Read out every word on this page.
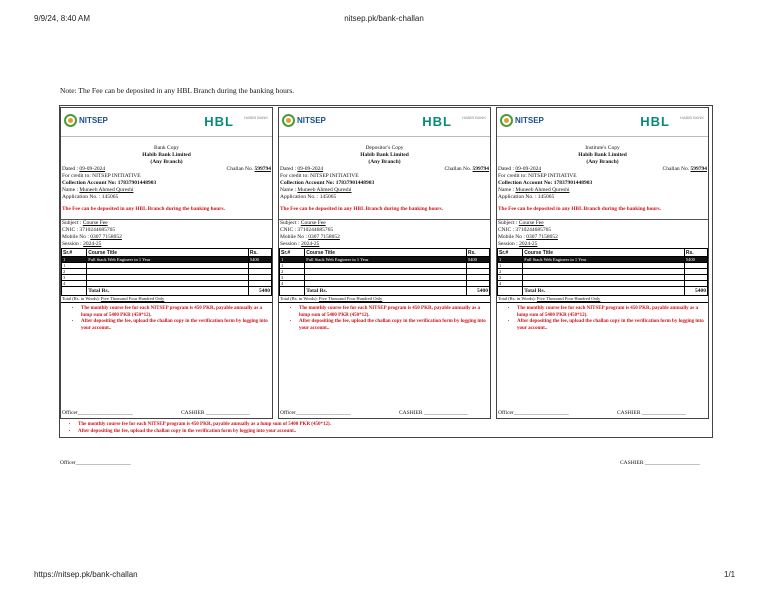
9/9/24, 8:40 AM	nitsep.pk/bank-challan
Note: The Fee can be deposited in any HBL Branch during the banking hours.
NITSEP	HBL HABIB BANK
Bank Copy
Habib Bank Limited
(Any Branch)
Dated : 09-09-2024	Challan No. 599794
For credit to: NITSEP INITIATIVE
Collection Account No: 17837901448903
Name : Muneeb Ahmed Qureshi
Application No. : 145065
The Fee can be deposited in any HBL Branch during the banking hours.
Subject : Course Fee
CNIC : 3710244685765
Mobile No : 0307 7158052
Session : 2024-25
Sr.#	Course Title	Rs.
1	Full Stack Web Engineer in 1 Year	5400
1		
2		
3		
4		
	Total Rs.	5400
Total (Rs. in Words): Five Thousand Four Hundred Only
• The monthly course fee for each NITSEP program is 450 PKR, payable annually as a lump sum of 5400 PKR (450*12).
• After depositing the fee, upload the challan copy in the verification form by logging into your account..
Officer____________________	CASHIER ________________
NITSEP	HBL HABIB BANK
Depositor's Copy
Habib Bank Limited
(Any Branch)
Dated : 09-09-2024	Challan No. 599794
For credit to: NITSEP INITIATIVE
Collection Account No: 17837901448903
Name : Muneeb Ahmed Qureshi
Application No. : 145065
The Fee can be deposited in any HBL Branch during the banking hours.
Subject : Course Fee
CNIC : 3710244685765
Mobile No : 0307 7158052
Session : 2024-25
Sr.#	Course Title	Rs.
1	Full Stack Web Engineer in 1 Year	5400
1		
2		
3		
4		
	Total Rs.	5400
Total (Rs. in Words): Five Thousand Four Hundred Only
• The monthly course fee for each NITSEP program is 450 PKR, payable annually as a lump sum of 5400 PKR (450*12).
• After depositing the fee, upload the challan copy in the verification form by logging into your account..
Officer____________________	CASHIER ________________
NITSEP	HBL HABIB BANK
Institute's Copy
Habib Bank Limited
(Any Branch)
Dated : 09-09-2024	Challan No. 599794
For credit to: NITSEP INITIATIVE
Collection Account No: 17837901448903
Name : Muneeb Ahmed Qureshi
Application No. : 145065
The Fee can be deposited in any HBL Branch during the banking hours.
Subject : Course Fee
CNIC : 3710244685765
Mobile No : 0307 7158052
Session : 2024-25
Sr.#	Course Title	Rs.
1	Full Stack Web Engineer in 1 Year	5400
1		
2		
3		
4		
	Total Rs.	5400
Total (Rs. in Words): Five Thousand Four Hundred Only
• The monthly course fee for each NITSEP program is 450 PKR, payable annually as a lump sum of 5400 PKR (450*12).
• After depositing the fee, upload the challan copy in the verification form by logging into your account..
Officer____________________	CASHIER ________________
• The monthly course fee for each NITSEP program is 450 PKR, payable annually as a lump sum of 5400 PKR (450*12).
• After depositing the fee, upload the challan copy in the verification form by logging into your account..
Officer____________________	CASHIER ____________________
https://nitsep.pk/bank-challan	1/1
